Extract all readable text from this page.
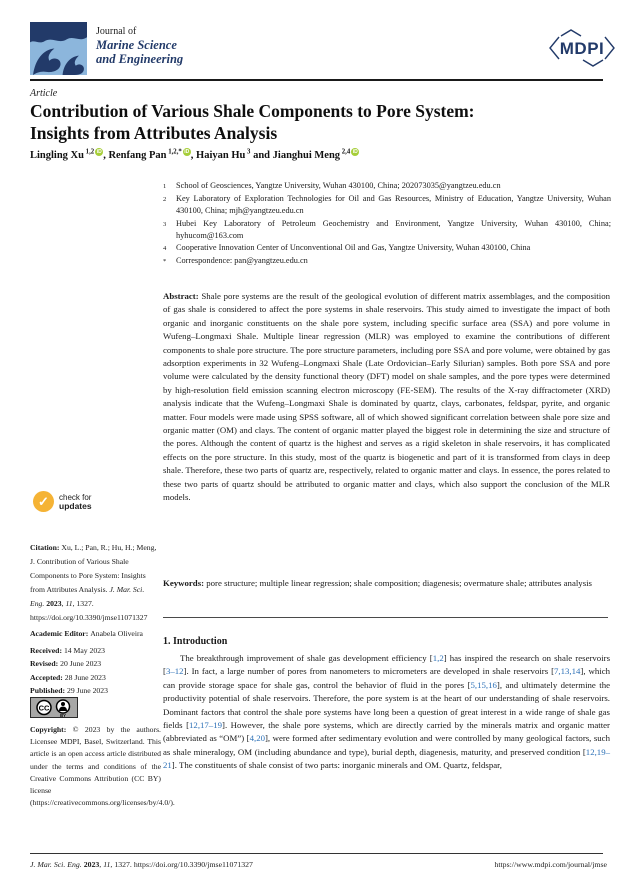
Journal of
Marine Science
and Engineering
MDPI
Article
Contribution of Various Shale Components to Pore System:
Insights from Attributes Analysis
Lingling Xu $^{1,2}$ iD , Renfang Pan $^{1,2,*}$ iD , Haiyan Hu $^3$ and Jianghui Meng $^{2,4}$ iD
1	School of Geosciences, Yangtze University, Wuhan 430100, China; 202073035@yangtzeu.edu.cn
2	Key Laboratory of Exploration Technologies for Oil and Gas Resources, Ministry of Education, Yangtze University, Wuhan 430100, China; mjh@yangtzeu.edu.cn
3	Hubei Key Laboratory of Petroleum Geochemistry and Environment, Yangtze University, Wuhan 430100, China; hyhucom@163.com
4	Cooperative Innovation Center of Unconventional Oil and Gas, Yangtze University, Wuhan 430100, China
*	Correspondence: pan@yangtzeu.edu.cn

Abstract: Shale pore systems are the result of the geological evolution of different matrix assemblages, and the composition of gas shale is considered to affect the pore systems in shale reservoirs. This study aimed to investigate the impact of both organic and inorganic constituents on the shale pore system, including specific surface area (SSA) and pore volume in Wufeng–Longmaxi Shale. Multiple linear regression (MLR) was employed to examine the contributions of different components to shale pore structure. The pore structure parameters, including pore SSA and pore volume, were obtained by gas adsorption experiments in 32 Wufeng–Longmaxi Shale (Late Ordovician–Early Silurian) samples. Both pore SSA and pore volume were calculated by the density functional theory (DFT) model on shale samples, and the pore types were determined by high-resolution field emission scanning electron microscopy (FE-SEM). The results of the X-ray diffractometer (XRD) analysis indicate that the Wufeng–Longmaxi Shale is dominated by quartz, clays, carbonates, feldspar, pyrite, and organic matter. Four models were made using SPSS software, all of which showed significant correlation between shale pore size and organic matter (OM) and clays. The content of organic matter played the biggest role in determining the size and structure of the pores. Although the content of quartz is the highest and serves as a rigid skeleton in shale reservoirs, it has complicated effects on the pore structure. In this study, most of the quartz is biogenetic and part of it is transformed from clays in deep shale. Therefore, these two parts of quartz are, respectively, related to organic matter and clays. In essence, the pores related to these two parts of quartz should be attributed to organic matter and clays, which also support the conclusion of the MLR models.

Keywords: pore structure; multiple linear regression; shale composition; diagenesis; overmature shale; attributes analysis

1. Introduction

The breakthrough improvement of shale gas development efficiency [1,2] has inspired the research on shale reservoirs [3–12]. In fact, a large number of pores from nanometers to micrometers are developed in shale reservoirs [7,13,14], which can provide storage space for shale gas, control the behavior of fluid in the pores [5,15,16], and ultimately determine the productivity potential of shale reservoirs. Therefore, the pore system is at the heart of our understanding of shale reservoirs. Dominant factors that control the shale pore systems have long been a question of great interest in a wide range of shale gas fields [12,17–19]. However, the shale pore systems, which are directly carried by the minerals matrix and organic matter (abbreviated as “OM”) [4,20], were formed after sedimentary evolution and were controlled by many geological factors, such as shale mineralogy, OM (including abundance and type), burial depth, diagenesis, maturity, and preserved condition [12,19–21]. The constituents of shale consist of two parts: inorganic minerals and OM. Quartz, feldspar,

✓	check for
updates

Citation: Xu, L.; Pan, R.; Hu, H.; Meng, J. Contribution of Various Shale Components to Pore System: Insights from Attributes Analysis. J. Mar. Sci. Eng. 2023, 11, 1327. https://doi.org/10.3390/jmse11071327

Academic Editor: Anabela Oliveira

Received: 14 May 2023
Revised: 20 June 2023
Accepted: 28 June 2023
Published: 29 June 2023
CC
BY

Copyright: © 2023 by the authors. Licensee MDPI, Basel, Switzerland. This article is an open access article distributed under the terms and conditions of the Creative Commons Attribution (CC BY) license (https://creativecommons.org/licenses/by/4.0/).

J. Mar. Sci. Eng. 2023, 11, 1327. https://doi.org/10.3390/jmse11071327	https://www.mdpi.com/journal/jmse
